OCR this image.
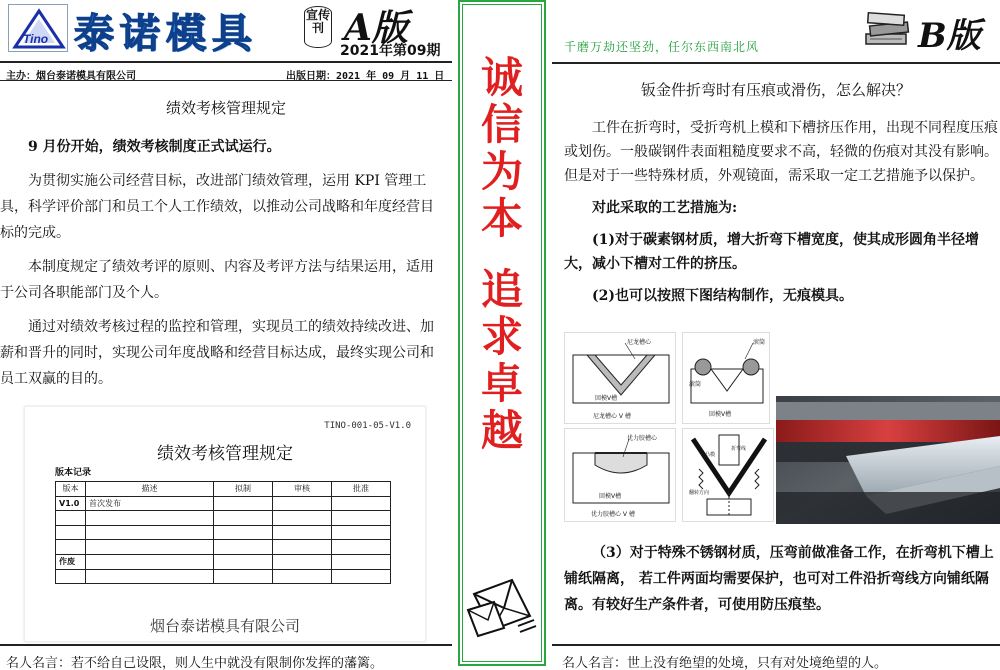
Tino 泰诺模具	宣传刊 A版
2021年第09期
主办：烟台泰诺模具有限公司	出版日期：2021 年 09 月 11 日
绩效考核管理规定

9 月份开始，绩效考核制度正式试运行。

为贯彻实施公司经营目标，改进部门绩效管理，运用 KPI 管理工具，科学评价部门和员工个人工作绩效，以推动公司战略和年度经营目标的完成。

本制度规定了绩效考评的原则、内容及考评方法与结果运用，适用于公司各职能部门及个人。

通过对绩效考核过程的监控和管理，实现员工的绩效持续改进、加薪和晋升的同时，实现公司年度战略和经营目标达成，最终实现公司和员工双赢的目的。

TINO-001-05-V1.0
绩效考核管理规定
版本记录
版本	描述	拟制	审核	批准
V1.0	首次发布			

作废				

烟台泰诺模具有限公司
名人名言：若不给自己设限，则人生中就没有限制你发挥的藩篱。
诚
信
为
本
追
求
卓
越
B版
千磨万劫还坚劲，任尔东西南北风
钣金件折弯时有压痕或滑伤，怎么解决？

工件在折弯时，受折弯机上模和下槽挤压作用，出现不同程度压痕或划伤。一般碳钢件表面粗糙度要求不高，轻微的伤痕对其没有影响。但是对于一些特殊材质，外观镜面，需采取一定工艺措施予以保护。

对此采取的工艺措施为:

(1)对于碳素钢材质，增大折弯下槽宽度，使其成形圆角半径增大，减小下槽对工件的挤压。

(2)也可以按照下图结构制作，无痕模具。

尼龙槽心
回模V槽
尼龙槽心 V 槽
滚筒
滚筒
回模V槽
优力胶槽心
回模V槽
优力胶槽心 V 槽
折弯线
凸模
翻转方向

（3）对于特殊不锈钢材质，压弯前做准备工作，在折弯机下槽上铺纸隔离， 若工件两面均需要保护，也可对工件沿折弯线方向铺纸隔离。有较好生产条件者，可使用防压痕垫。

名人名言：世上没有绝望的处境，只有对处境绝望的人。
